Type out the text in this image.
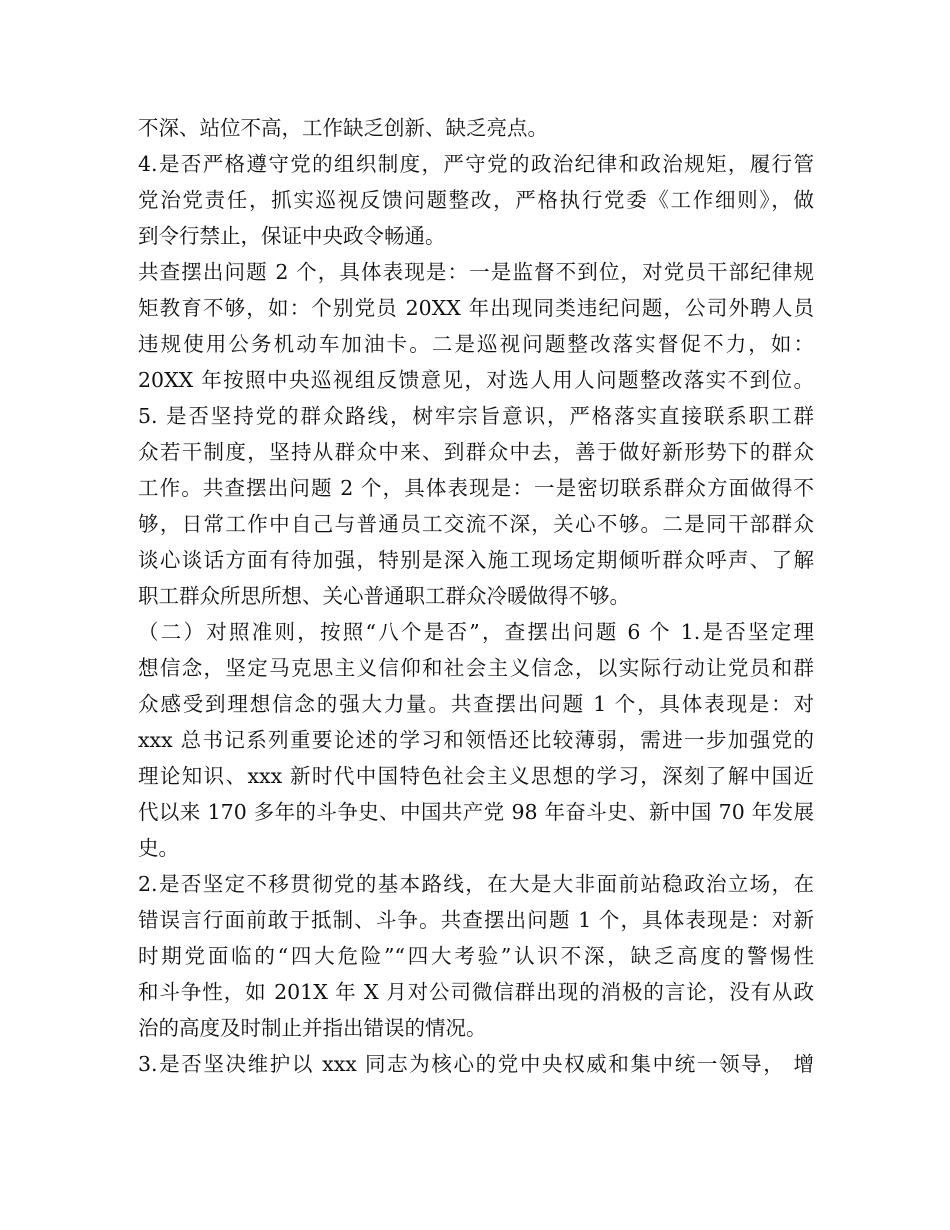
不深、站位不高，工作缺乏创新、缺乏亮点。
4.是否严格遵守党的组织制度，严守党的政治纪律和政治规矩，履行管
党治党责任，抓实巡视反馈问题整改，严格执行党委《工作细则》，做
到令行禁止，保证中央政令畅通。
共查摆出问题 2 个，具体表现是：一是监督不到位，对党员干部纪律规
矩教育不够，如：个别党员 20XX 年出现同类违纪问题，公司外聘人员
违规使用公务机动车加油卡。二是巡视问题整改落实督促不力，如：
20XX 年按照中央巡视组反馈意见，对选人用人问题整改落实不到位。
5. 是否坚持党的群众路线，树牢宗旨意识，严格落实直接联系职工群
众若干制度，坚持从群众中来、到群众中去，善于做好新形势下的群众
工作。共查摆出问题 2 个，具体表现是：一是密切联系群众方面做得不
够，日常工作中自己与普通员工交流不深，关心不够。二是同干部群众
谈心谈话方面有待加强，特别是深入施工现场定期倾听群众呼声、了解
职工群众所思所想、关心普通职工群众冷暖做得不够。
（二）对照准则，按照“八个是否”，查摆出问题 6 个 1.是否坚定理
想信念，坚定马克思主义信仰和社会主义信念，以实际行动让党员和群
众感受到理想信念的强大力量。共查摆出问题 1 个，具体表现是：对
xxx 总书记系列重要论述的学习和领悟还比较薄弱，需进一步加强党的
理论知识、xxx 新时代中国特色社会主义思想的学习，深刻了解中国近
代以来 170 多年的斗争史、中国共产党 98 年奋斗史、新中国 70 年发展
史。
2.是否坚定不移贯彻党的基本路线，在大是大非面前站稳政治立场，在
错误言行面前敢于抵制、斗争。共查摆出问题 1 个，具体表现是：对新
时期党面临的“四大危险”“四大考验”认识不深，缺乏高度的警惕性
和斗争性，如 201X 年 X 月对公司微信群出现的消极的言论，没有从政
治的高度及时制止并指出错误的情况。
3.是否坚决维护以 xxx 同志为核心的党中央权威和集中统一领导， 增
